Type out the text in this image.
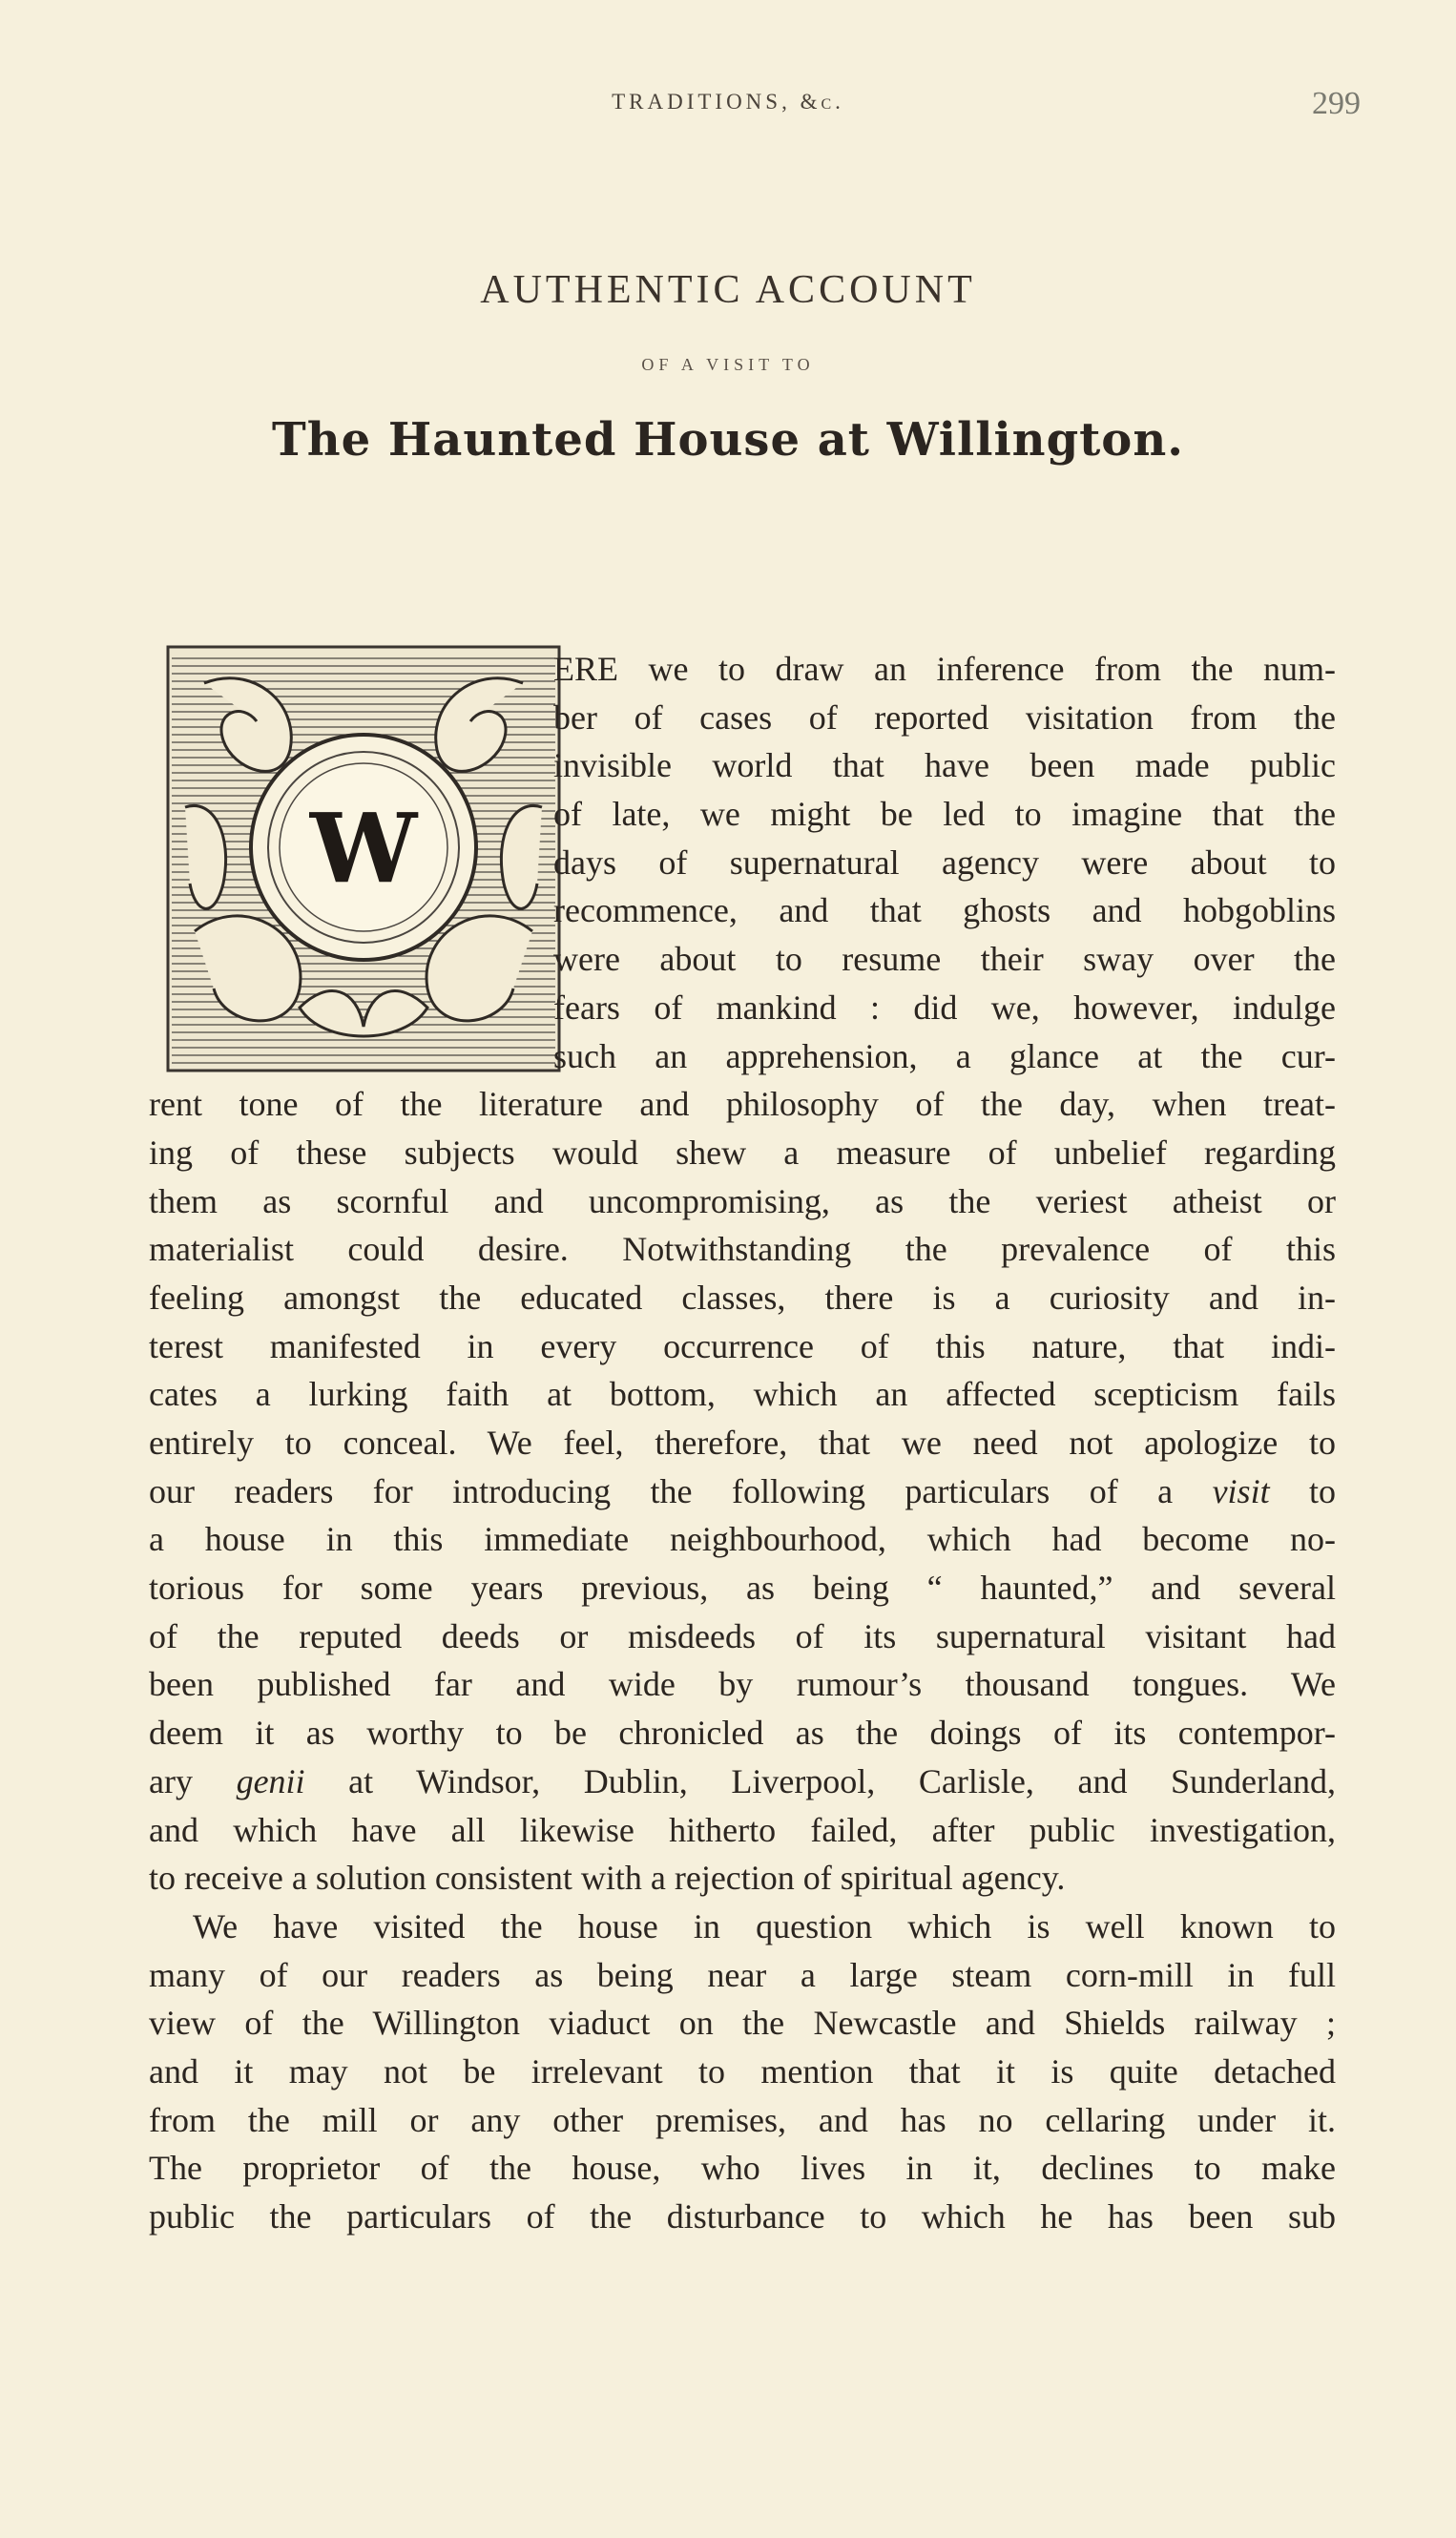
TRADITIONS, &c.	299
AUTHENTIC ACCOUNT
OF A VISIT TO
The Haunted House at Willington.
W
ERE we to draw an inference from the num-
ber of cases of reported visitation from the
invisible world that have been made public
of late, we might be led to imagine that the
days of supernatural agency were about to
recommence, and that ghosts and hobgoblins
were about to resume their sway over the
fears of mankind : did we, however, indulge
such an apprehension, a glance at the cur-
rent tone of the literature and philosophy of the day, when treat-
ing of these subjects would shew a measure of unbelief regarding
them as scornful and uncompromising, as the veriest atheist or
materialist could desire. Notwithstanding the prevalence of this
feeling amongst the educated classes, there is a curiosity and in-
terest manifested in every occurrence of this nature, that indi-
cates a lurking faith at bottom, which an affected scepticism fails
entirely to conceal. We feel, therefore, that we need not apologize to
our readers for introducing the following particulars of a visit to
a house in this immediate neighbourhood, which had become no-
torious for some years previous, as being “ haunted,” and several
of the reputed deeds or misdeeds of its supernatural visitant had
been published far and wide by rumour’s thousand tongues. We
deem it as worthy to be chronicled as the doings of its contempor-
ary genii at Windsor, Dublin, Liverpool, Carlisle, and Sunderland,
and which have all likewise hitherto failed, after public investigation,
to receive a solution consistent with a rejection of spiritual agency.
We have visited the house in question which is well known to
many of our readers as being near a large steam corn-mill in full
view of the Willington viaduct on the Newcastle and Shields railway ;
and it may not be irrelevant to mention that it is quite detached
from the mill or any other premises, and has no cellaring under it.
The proprietor of the house, who lives in it, declines to make
public the particulars of the disturbance to which he has been sub
